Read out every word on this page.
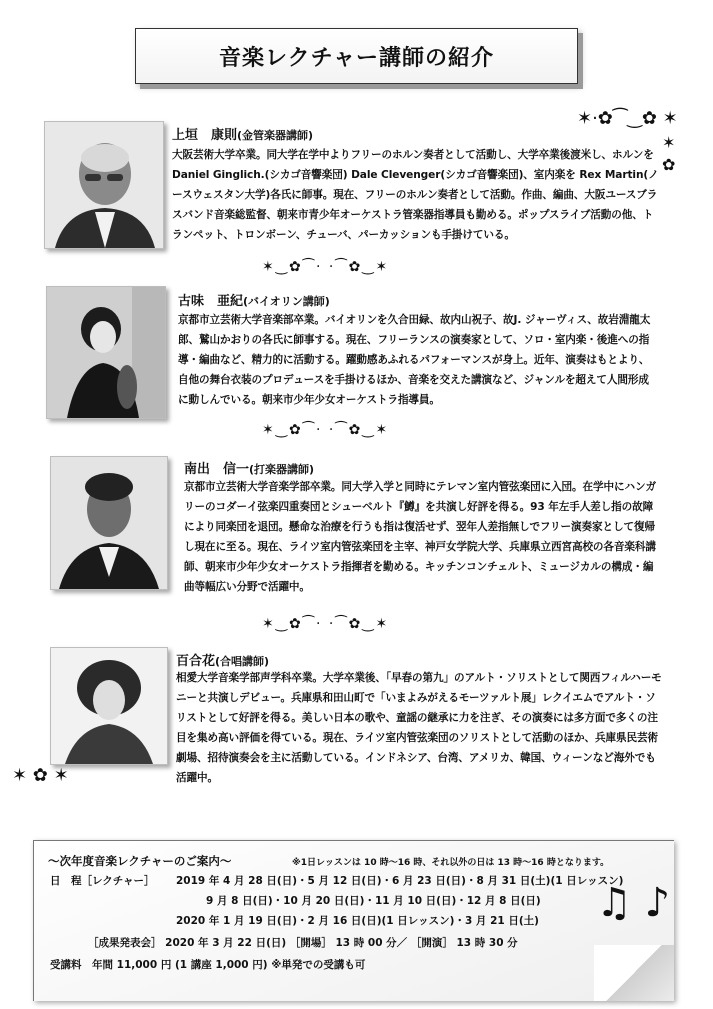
音楽レクチャー講師の紹介
✶·✿⁀‿✿ ✶
✶
✿
上垣　康則(金管楽器講師)
大阪芸術大学卒業。同大学在学中よりフリーのホルン奏者として活動し、大学卒業後渡米し、ホルンを Daniel Ginglich.(シカゴ音響楽団) Dale Clevenger(シカゴ音響楽団)、室内楽を Rex Martin(ノースウェスタン大学)各氏に師事。現在、フリーのホルン奏者として活動。作曲、編曲、大阪ユースブラスバンド音楽総監督、朝来市青少年オーケストラ管楽器指導員も勤める。ポップスライブ活動の他、トランペット、トロンボーン、チューバ、パーカッションも手掛けている。
✶‿✿⁀· ·⁀✿‿✶
古味　亜紀(バイオリン講師)
京都市立芸術大学音楽部卒業。バイオリンを久合田緑、故内山祝子、故J. ジャーヴィス、故岩淵龍太郎、鷲山かおりの各氏に師事する。現在、フリーランスの演奏家として、ソロ・室内楽・後進への指導・編曲など、精力的に活動する。躍動感あふれるパフォーマンスが身上。近年、演奏はもとより、自他の舞台衣装のプロデュースを手掛けるほか、音楽を交えた講演など、ジャンルを超えて人間形成に動しんでいる。朝来市少年少女オーケストラ指導員。
✶‿✿⁀· ·⁀✿‿✶
南出　信一(打楽器講師)
京都市立芸術大学音楽学部卒業。同大学入学と同時にテレマン室内管弦楽団に入団。在学中にハンガリーのコダーイ弦楽四重奏団とシューベルト『鱒』を共演し好評を得る。93 年左手人差し指の故障により同楽団を退団。懸命な治療を行うも指は復活せず、翌年人差指無しでフリー演奏家として復帰し現在に至る。現在、ライツ室内管弦楽団を主宰、神戸女学院大学、兵庫県立西宮高校の各音楽科講師、朝来市少年少女オーケストラ指揮者を勤める。キッチンコンチェルト、ミュージカルの構成・編曲等幅広い分野で活躍中。
✶‿✿⁀· ·⁀✿‿✶
百合花(合唱講師)
相愛大学音楽学部声学科卒業。大学卒業後、「早春の第九」のアルト・ソリストとして関西フィルハーモニーと共演しデビュー。兵庫県和田山町で「いまよみがえるモーツァルト展」レクイエムでアルト・ソリストとして好評を得る。美しい日本の歌や、童謡の継承に力を注ぎ、その演奏には多方面で多くの注目を集め高い評価を得ている。現在、ライツ室内管弦楽団のソリストとして活動のほか、兵庫県民芸術劇場、招待演奏会を主に活動している。インドネシア、台湾、アメリカ、韓国、ウィーンなど海外でも活躍中。
✶ ✿ ✶
～次年度音楽レクチャーのご案内～	※1日レッスンは 10 時～16 時、それ以外の日は 13 時～16 時となります。
日　程［レクチャー］ 2019 年 4 月 28 日(日)・5 月 12 日(日)・6 月 23 日(日)・8 月 31 日(土)(1 日レッスン)
9 月 8 日(日)・10 月 20 日(日)・11 月 10 日(日)・12 月 8 日(日)
2020 年 1 月 19 日(日)・2 月 16 日(日)(1 日レッスン)・3 月 21 日(土)
［成果発表会］ 2020 年 3 月 22 日(日) ［開場］ 13 時 00 分／ ［開演］ 13 時 30 分
受講料　年間 11,000 円 (1 講座 1,000 円) ※単発での受講も可
♫ ♪
